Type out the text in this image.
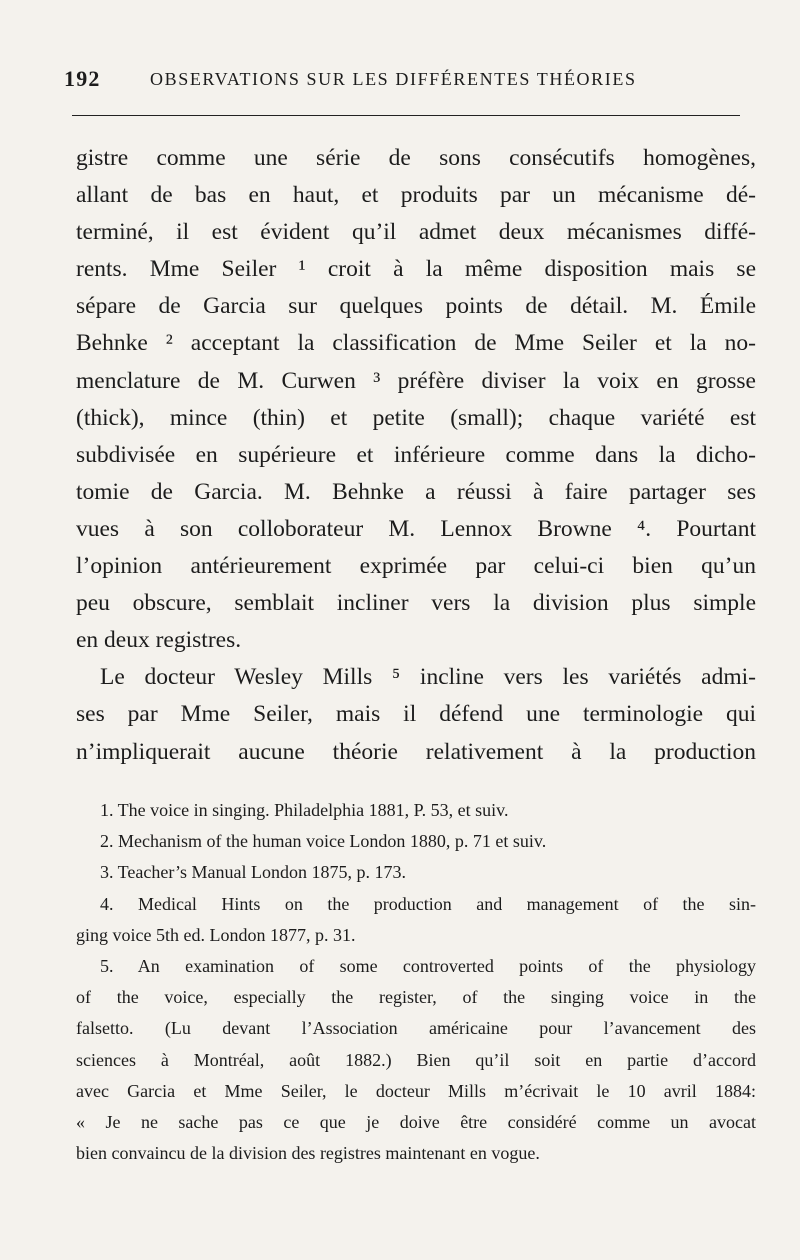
192	OBSERVATIONS SUR LES DIFFÉRENTES THÉORIES
gistre comme une série de sons consécutifs homogènes,
allant de bas en haut, et produits par un mécanisme dé-
terminé, il est évident qu’il admet deux mécanismes diffé-
rents. Mme Seiler ¹ croit à la même disposition mais se
sépare de Garcia sur quelques points de détail. M. Émile
Behnke ² acceptant la classification de Mme Seiler et la no-
menclature de M. Curwen ³ préfère diviser la voix en grosse
(thick), mince (thin) et petite (small); chaque variété est
subdivisée en supérieure et inférieure comme dans la dicho-
tomie de Garcia. M. Behnke a réussi à faire partager ses
vues à son colloborateur M. Lennox Browne ⁴. Pourtant
l’opinion antérieurement exprimée par celui-ci bien qu’un
peu obscure, semblait incliner vers la division plus simple
en deux registres.
Le docteur Wesley Mills ⁵ incline vers les variétés admi-
ses par Mme Seiler, mais il défend une terminologie qui
n’impliquerait aucune théorie relativement à la production
1. The voice in singing. Philadelphia 1881, P. 53, et suiv.
2. Mechanism of the human voice London 1880, p. 71 et suiv.
3. Teacher’s Manual London 1875, p. 173.
4. Medical Hints on the production and management of the sin-
ging voice 5th ed. London 1877, p. 31.
5. An examination of some controverted points of the physiology
of the voice, especially the register, of the singing voice in the
falsetto. (Lu devant l’Association américaine pour l’avancement des
sciences à Montréal, août 1882.) Bien qu’il soit en partie d’accord
avec Garcia et Mme Seiler, le docteur Mills m’écrivait le 10 avril 1884:
« Je ne sache pas ce que je doive être considéré comme un avocat
bien convaincu de la division des registres maintenant en vogue.
